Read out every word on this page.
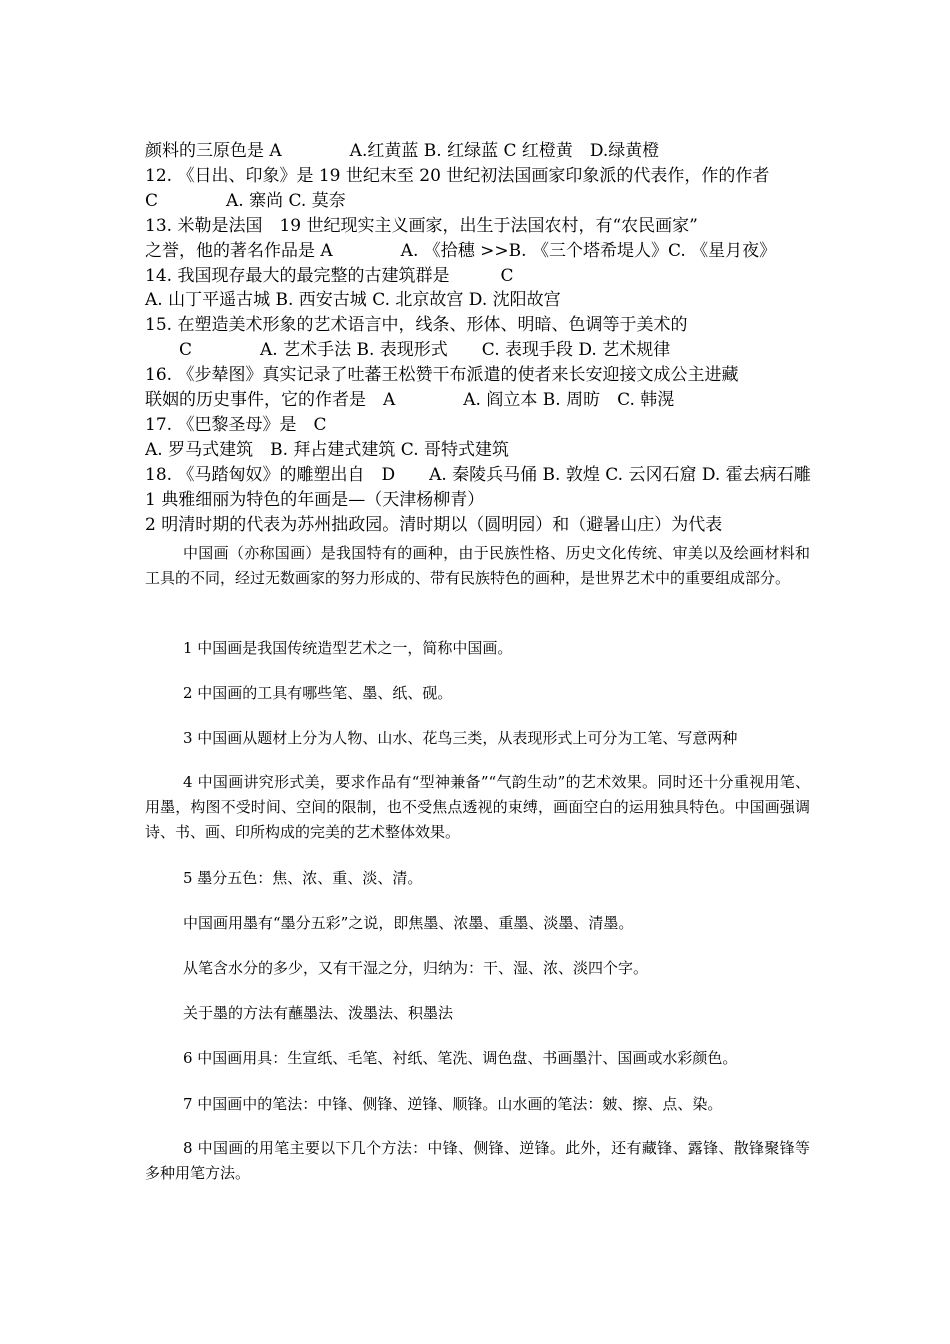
颜料的三原色是 A　　　　A.红黄蓝 B. 红绿蓝 C 红橙黄　D.绿黄橙
12. 《日出、印象》是 19 世纪末至 20 世纪初法国画家印象派的代表作，作的作者
C　　　　A. 寨尚 C. 莫奈
13. 米勒是法国　19 世纪现实主义画家，出生于法国农村，有“农民画家”
之誉，他的著名作品是 A　　　　A. 《拾穗 >>B. 《三个塔希堤人》C. 《星月夜》
14. 我国现存最大的最完整的古建筑群是　　　C
A. 山丁平遥古城 B. 西安古城 C. 北京故宫 D. 沈阳故宫
15. 在塑造美术形象的艺术语言中，线条、形体、明暗、色调等于美术的
　　C　　　　A. 艺术手法 B. 表现形式　　C. 表现手段 D. 艺术规律
16. 《步辇图》真实记录了吐蕃王松赞干布派遣的使者来长安迎接文成公主进藏
联姻的历史事件，它的作者是　A　　　　A. 阎立本 B. 周昉　C. 韩滉
17. 《巴黎圣母》是　C
A. 罗马式建筑　B. 拜占建式建筑 C. 哥特式建筑
18. 《马踏匈奴》的雕塑出自　D　　A. 秦陵兵马俑 B. 敦煌 C. 云冈石窟 D. 霍去病石雕
1 典雅细丽为特色的年画是—（天津杨柳青）
2 明清时期的代表为苏州拙政园。清时期以（圆明园）和（避暑山庄）为代表
中国画（亦称国画）是我国特有的画种，由于民族性格、历史文化传统、审美以及绘画材料和工具的不同，经过无数画家的努力形成的、带有民族特色的画种，是世界艺术中的重要组成部分。
1 中国画是我国传统造型艺术之一，简称中国画。
2 中国画的工具有哪些笔、墨、纸、砚。
3 中国画从题材上分为人物、山水、花鸟三类，从表现形式上可分为工笔、写意两种
4 中国画讲究形式美，要求作品有“型神兼备”“气韵生动”的艺术效果。同时还十分重视用笔、用墨，构图不受时间、空间的限制，也不受焦点透视的束缚，画面空白的运用独具特色。中国画强调诗、书、画、印所构成的完美的艺术整体效果。
5 墨分五色：焦、浓、重、淡、清。
中国画用墨有“墨分五彩”之说，即焦墨、浓墨、重墨、淡墨、清墨。
从笔含水分的多少，又有干湿之分，归纳为：干、湿、浓、淡四个字。
关于墨的方法有蘸墨法、泼墨法、积墨法
6 中国画用具：生宣纸、毛笔、衬纸、笔洗、调色盘、书画墨汁、国画或水彩颜色。
7 中国画中的笔法：中锋、侧锋、逆锋、顺锋。山水画的笔法：皴、擦、点、染。
8 中国画的用笔主要以下几个方法：中锋、侧锋、逆锋。此外，还有藏锋、露锋、散锋聚锋等多种用笔方法。
